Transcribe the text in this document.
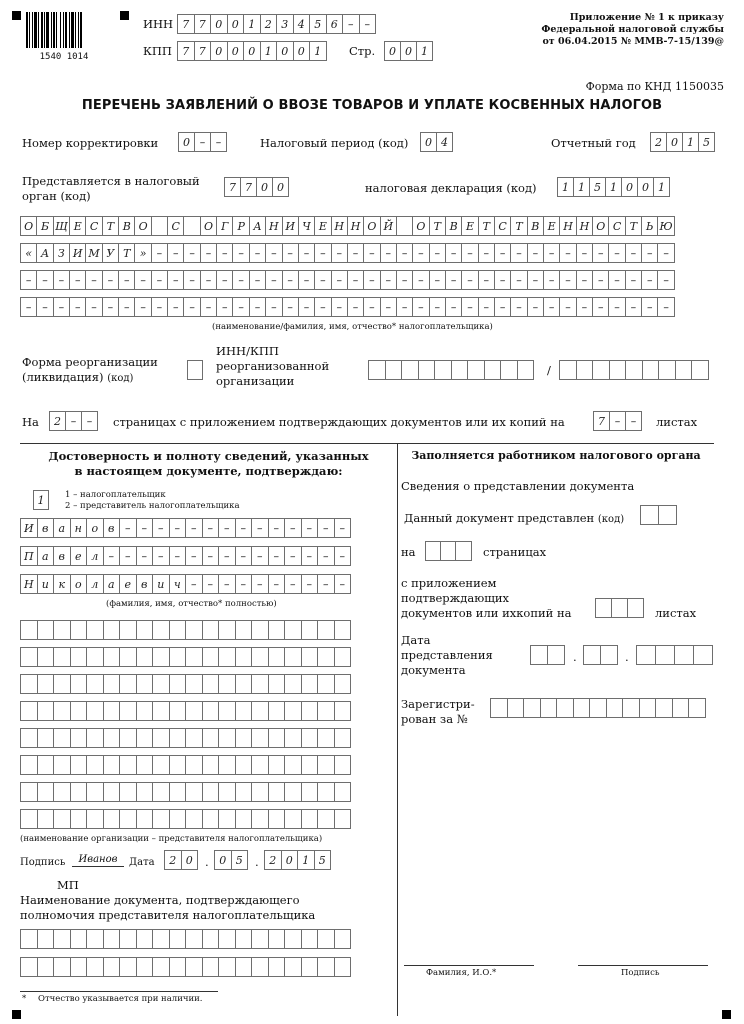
1540 1014
ИНН 7 7 0 0 1 2 3 4 5 6 –	–
КПП 7 7 0 0 0 1 0 0 1	Стр.	0 0 1
Приложение № 1 к приказу
Федеральной налоговой службы
от 06.04.2015 № ММВ-7-15/139@
Форма по КНД 1150035
ПЕРЕЧЕНЬ ЗАЯВЛЕНИЙ О ВВОЗЕ ТОВАРОВ И УПЛАТЕ КОСВЕННЫХ НАЛОГОВ
Номер корректировки	0 – –	Налоговый период (код)	0 4	Отчетный год	2 0 1 5
Представляется в налоговый
орган (код)
7 7 0 0	налоговая декларация (код)	1 1 5 1 0 0 1
О Б Щ Е С Т В О	С	О Г Р А Н И Ч Е Н Н О Й	О Т В Е Т С Т В Е Н Н О С Т Ь Ю
« А З И М У Т » – – – – – – – – – – – – – – – – – – – – – – – – – – – – – – – –
– – – – – – – – – – – – – – – – – – – – – – – – – – – – – – – – – – – – – – – –
– – – – – – – – – – – – – – – – – – – – – – – – – – – – – – – – – – – – – – – –
(наименование/фамилия, имя, отчество* налогоплательщика)
Форма реорганизации
(ликвидация) (код)
ИНН/КПП
реорганизованной
организации
/
На	2 – –	страницах с приложением подтверждающих документов или их копий на	7 – –	листах
Достоверность и полноту сведений, указанных
в настоящем документе, подтверждаю:
1	1 – налогоплательщик
2 – представитель налогоплательщика
И в а н о в –	–	–	–	–	–	–	–	–	–	–	–	–	–
П а в е л –	–	–	–	–	–	–	–	–	–	–	–	–	–	–
Н и к о л а е в и ч –	–	–	–	–	–	–	–	–	–
(фамилия, имя, отчество* полностью)
(наименование организации – представителя налогоплательщика)
Подпись	Иванов	Дата	2 0	. 0 5	. 2 0 1 5
МП
Наименование документа, подтверждающего
полномочия представителя налогоплательщика
* Отчество указывается при наличии.
Заполняется работником налогового органа
Сведения о представлении документа
Данный документ представлен (код)
на	страницах
с приложением
подтверждающих
документов или ихкопий на	листах
Дата
представления
документа
.	.
Зарегистри-
рован за №
Фамилия, И.О.*	Подпись
